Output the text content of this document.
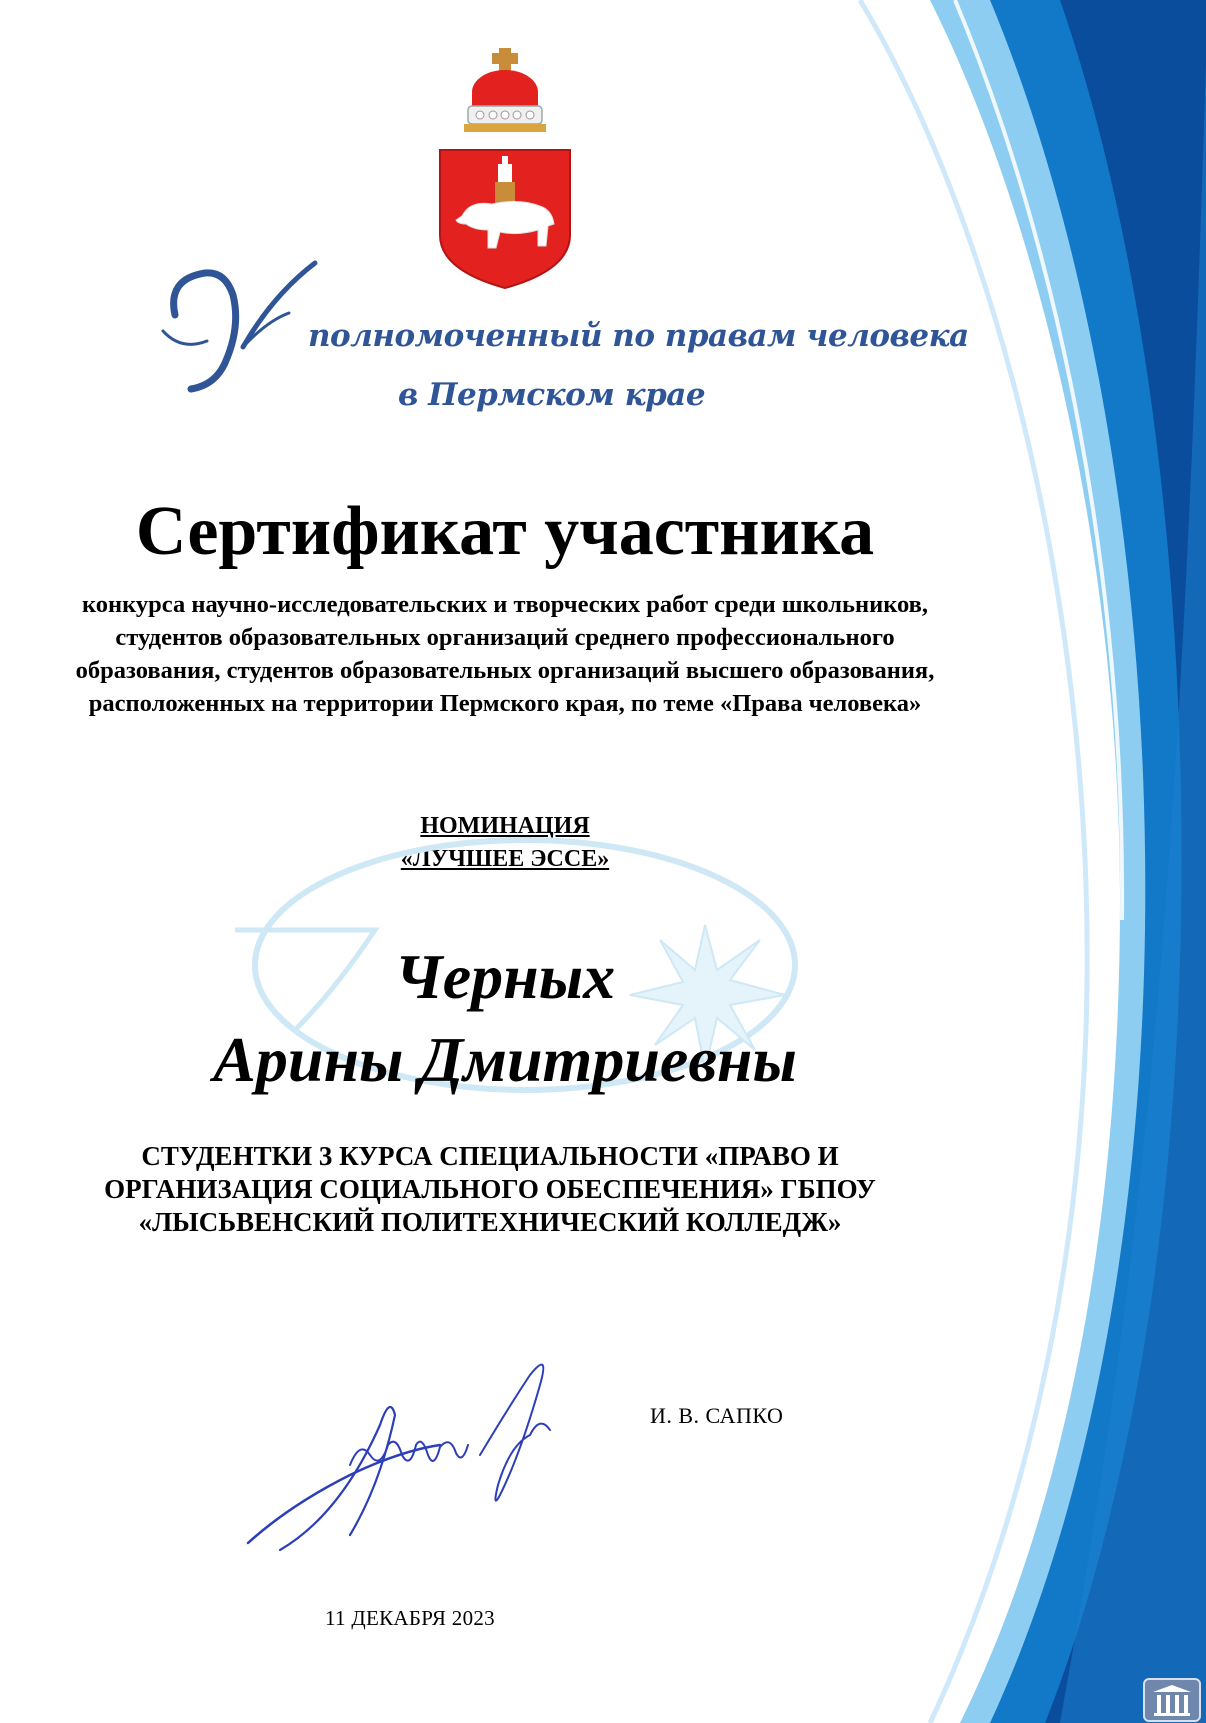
У
полномоченный по правам человека
в Пермском крае
Сертификат участника
конкурса научно-исследовательских и творческих работ среди школьников, студентов образовательных организаций среднего профессионального образования, студентов образовательных организаций высшего образования, расположенных на территории Пермского края, по теме «Права человека»
НОМИНАЦИЯ
«ЛУЧШЕЕ ЭССЕ»
Черных
Арины Дмитриевны
СТУДЕНТКИ 3 КУРСА СПЕЦИАЛЬНОСТИ «ПРАВО И ОРГАНИЗАЦИЯ СОЦИАЛЬНОГО ОБЕСПЕЧЕНИЯ» ГБПОУ «ЛЫСЬВЕНСКИЙ ПОЛИТЕХНИЧЕСКИЙ КОЛЛЕДЖ»
И. В. САПКО
11 ДЕКАБРЯ 2023
